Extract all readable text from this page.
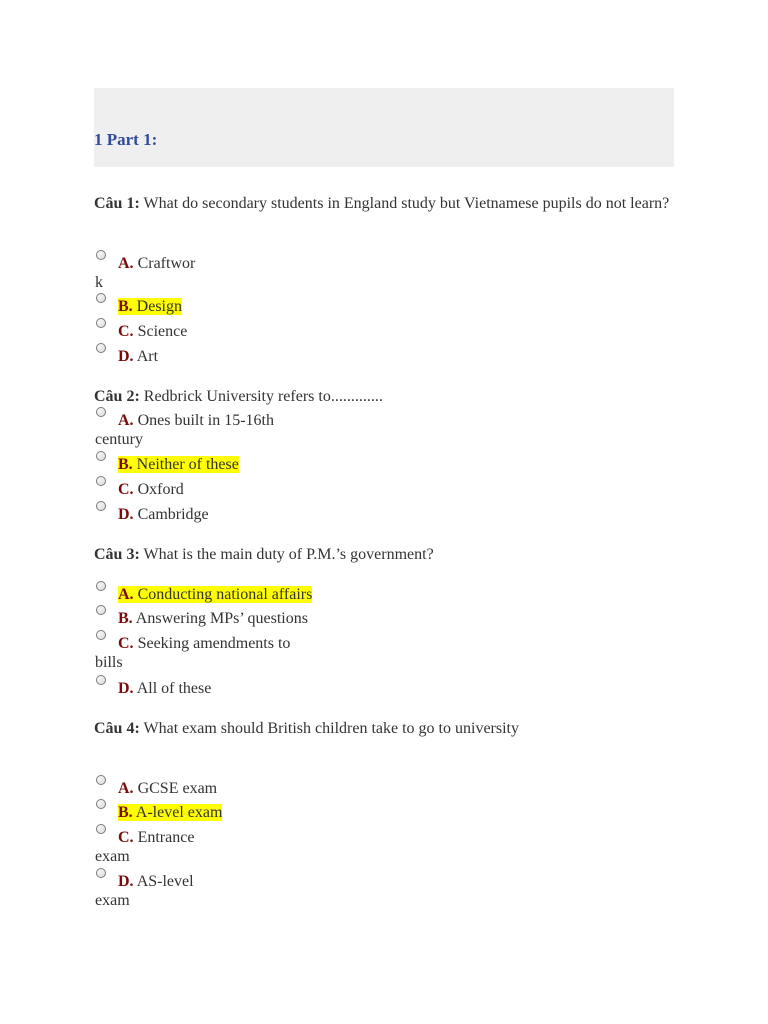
1 Part 1:
Câu 1: What do secondary students in England study but Vietnamese pupils do not learn?
A. Craftwor
k
B. Design
C. Science
D. Art
Câu 2: Redbrick University refers to.............
A. Ones built in 15-16th
century
B. Neither of these
C. Oxford
D. Cambridge
Câu 3: What is the main duty of P.M.’s government?
A. Conducting national affairs
B. Answering MPs’ questions
C. Seeking amendments to
bills
D. All of these
Câu 4: What exam should British children take to go to university
A. GCSE exam
B. A-level exam
C. Entrance
exam
D. AS-level
exam
